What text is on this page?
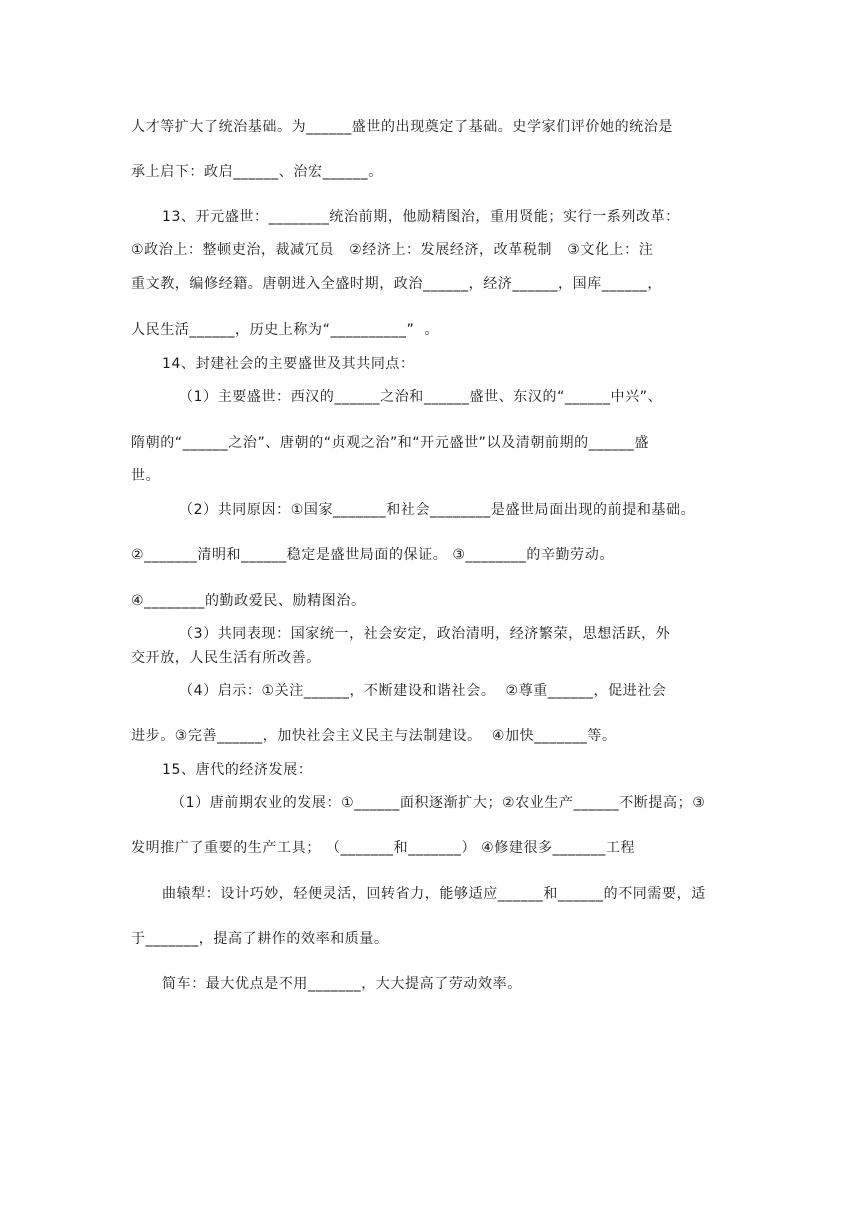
人才等扩大了统治基础。为______盛世的出现奠定了基础。史学家们评价她的统治是
承上启下：政启______、治宏______。
13、开元盛世：________统治前期，他励精图治，重用贤能；实行一系列改革：
①政治上：整顿吏治，裁减冗员   ②经济上：发展经济，改革税制   ③文化上：注
重文教，编修经籍。唐朝进入全盛时期，政治______，经济______，国库______，
人民生活______，历史上称为“__________”  。
14、封建社会的主要盛世及其共同点：
（1）主要盛世：西汉的______之治和______盛世、东汉的“______中兴”、
隋朝的“______之治”、唐朝的“贞观之治”和“开元盛世”以及清朝前期的______盛
世。
（2）共同原因：①国家_______和社会________是盛世局面出现的前提和基础。
②_______清明和______稳定是盛世局面的保证。 ③________的辛勤劳动。
④________的勤政爱民、励精图治。
（3）共同表现：国家统一，社会安定，政治清明，经济繁荣，思想活跃，外
交开放，人民生活有所改善。
（4）启示：①关注______，不断建设和谐社会。  ②尊重______，促进社会
进步。③完善______，加快社会主义民主与法制建设。  ④加快_______等。
15、唐代的经济发展：
（1）唐前期农业的发展：①______面积逐渐扩大；②农业生产______不断提高；③
发明推广了重要的生产工具； （_______和_______） ④修建很多_______工程
曲辕犁：设计巧妙，轻便灵活，回转省力，能够适应______和______的不同需要，适
于_______，提高了耕作的效率和质量。
简车：最大优点是不用_______，大大提高了劳动效率。
